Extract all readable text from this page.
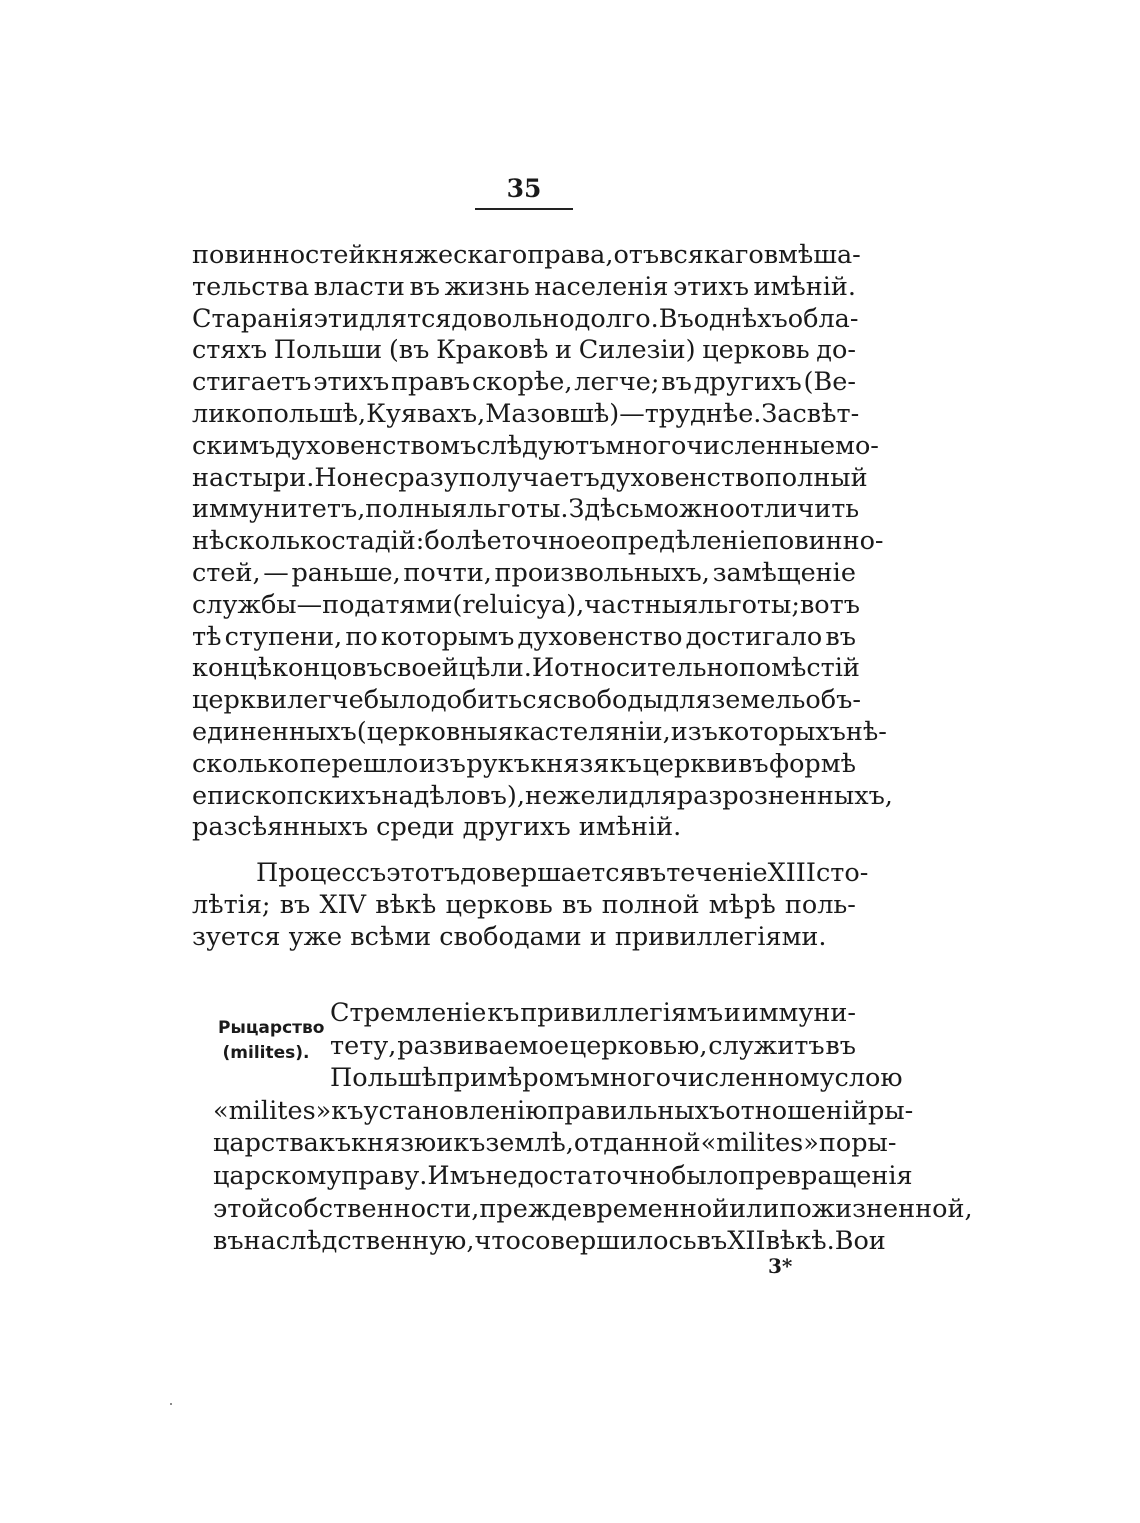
35
повинностей княжескаго права, отъ всякаго вмѣша-
тельства власти въ жизнь населенія этихъ имѣній.
Старанія эти длятся довольно долго. Въ однѣхъ обла-
стяхъ Польши (въ Краковѣ и Силезіи) церковь до-
стигаетъ этихъ правъ скорѣе, легче; въ другихъ (Ве-
ликопольшѣ, Куявахъ, Мазовшѣ) — труднѣе. За свѣт-
скимъ духовенствомъ слѣдуютъ многочисленные мо-
настыри. Но не сразу получаетъ духовенство полный
иммунитетъ, полныя льготы. Здѣсь можно отличить
нѣсколько стадій: болѣе точное опредѣленіе повинно-
стей, — раньше, почти, произвольныхъ, замѣщеніе
службы — податями (reluicya), частныя льготы; вотъ
тѣ ступени, по которымъ духовенство достигало въ
концѣ концовъ своей цѣли. И относительно помѣстій
церкви легче было добиться свободы для земель объ-
единенныхъ (церковныя кастеляніи, изъ которыхъ нѣ-
сколько перешло изъ рукъ князя къ церкви въ формѣ
епископскихъ надѣловъ), нежели для разрозненныхъ,
разсѣянныхъ среди другихъ имѣній.
Процессъ этотъ довершается въ теченіе XIII сто-
лѣтія; въ XIV вѣкѣ церковь въ полной мѣрѣ поль-
зуется уже всѣми свободами и привиллегіями.
Стремленіе къ привиллегіямъ и иммуни-
тету, развиваемое церковью, служитъ въ
Польшѣ примѣромъ многочисленному слою
«milites» къ установленію правильныхъ отношеній ры-
царства къ князю и къ землѣ, отданной «milites» по ры-
царскому праву. Имъ недостаточно было превращенія
этой собственности, прежде временной или пожизненной,
въ наслѣдственную, что совершилось въ XII вѣкѣ. Вои
Рыцарство
(milites).
3*
